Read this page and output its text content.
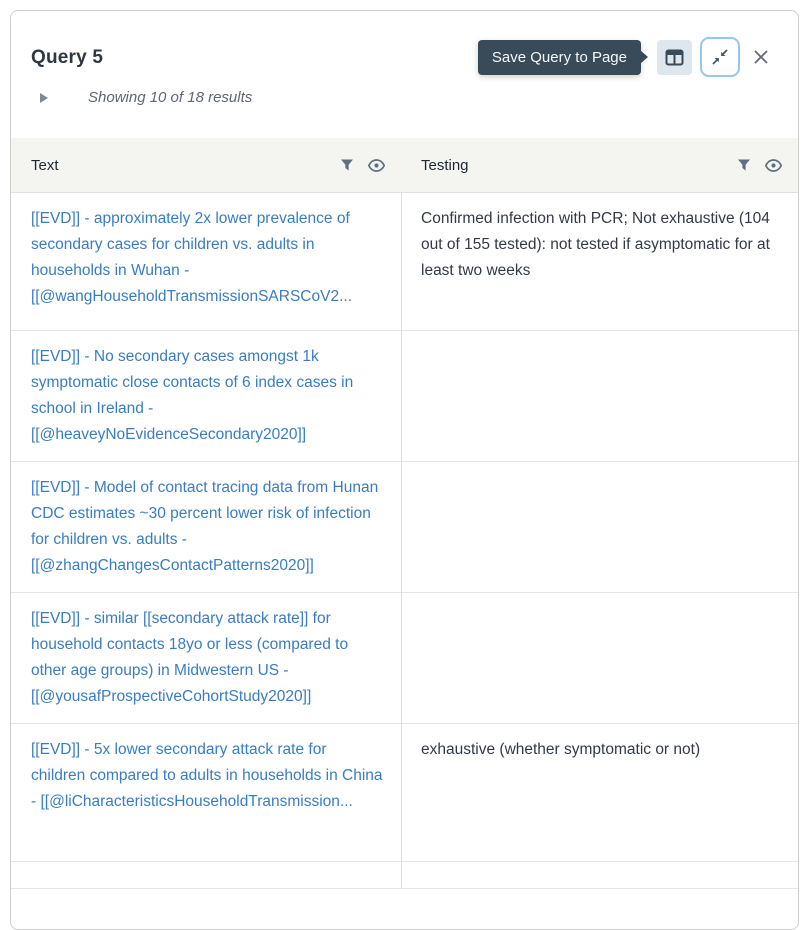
Query 5
Showing 10 of 18 results
Save Query to Page
Text	Testing
[[EVD]] - approximately 2x lower prevalence of secondary cases for children vs. adults in households in Wuhan - [[@wangHouseholdTransmissionSARSCoV2...
Confirmed infection with PCR; Not exhaustive (104 out of 155 tested): not tested if asymptomatic for at least two weeks
[[EVD]] - No secondary cases amongst 1k symptomatic close contacts of 6 index cases in school in Ireland - [[@heaveyNoEvidenceSecondary2020]]
[[EVD]] - Model of contact tracing data from Hunan CDC estimates ~30 percent lower risk of infection for children vs. adults - [[@zhangChangesContactPatterns2020]]
[[EVD]] - similar [[secondary attack rate]] for household contacts 18yo or less (compared to other age groups) in Midwestern US - [[@yousafProspectiveCohortStudy2020]]
[[EVD]] - 5x lower secondary attack rate for children compared to adults in households in China - [[@liCharacteristicsHouseholdTransmission...
exhaustive (whether symptomatic or not)
